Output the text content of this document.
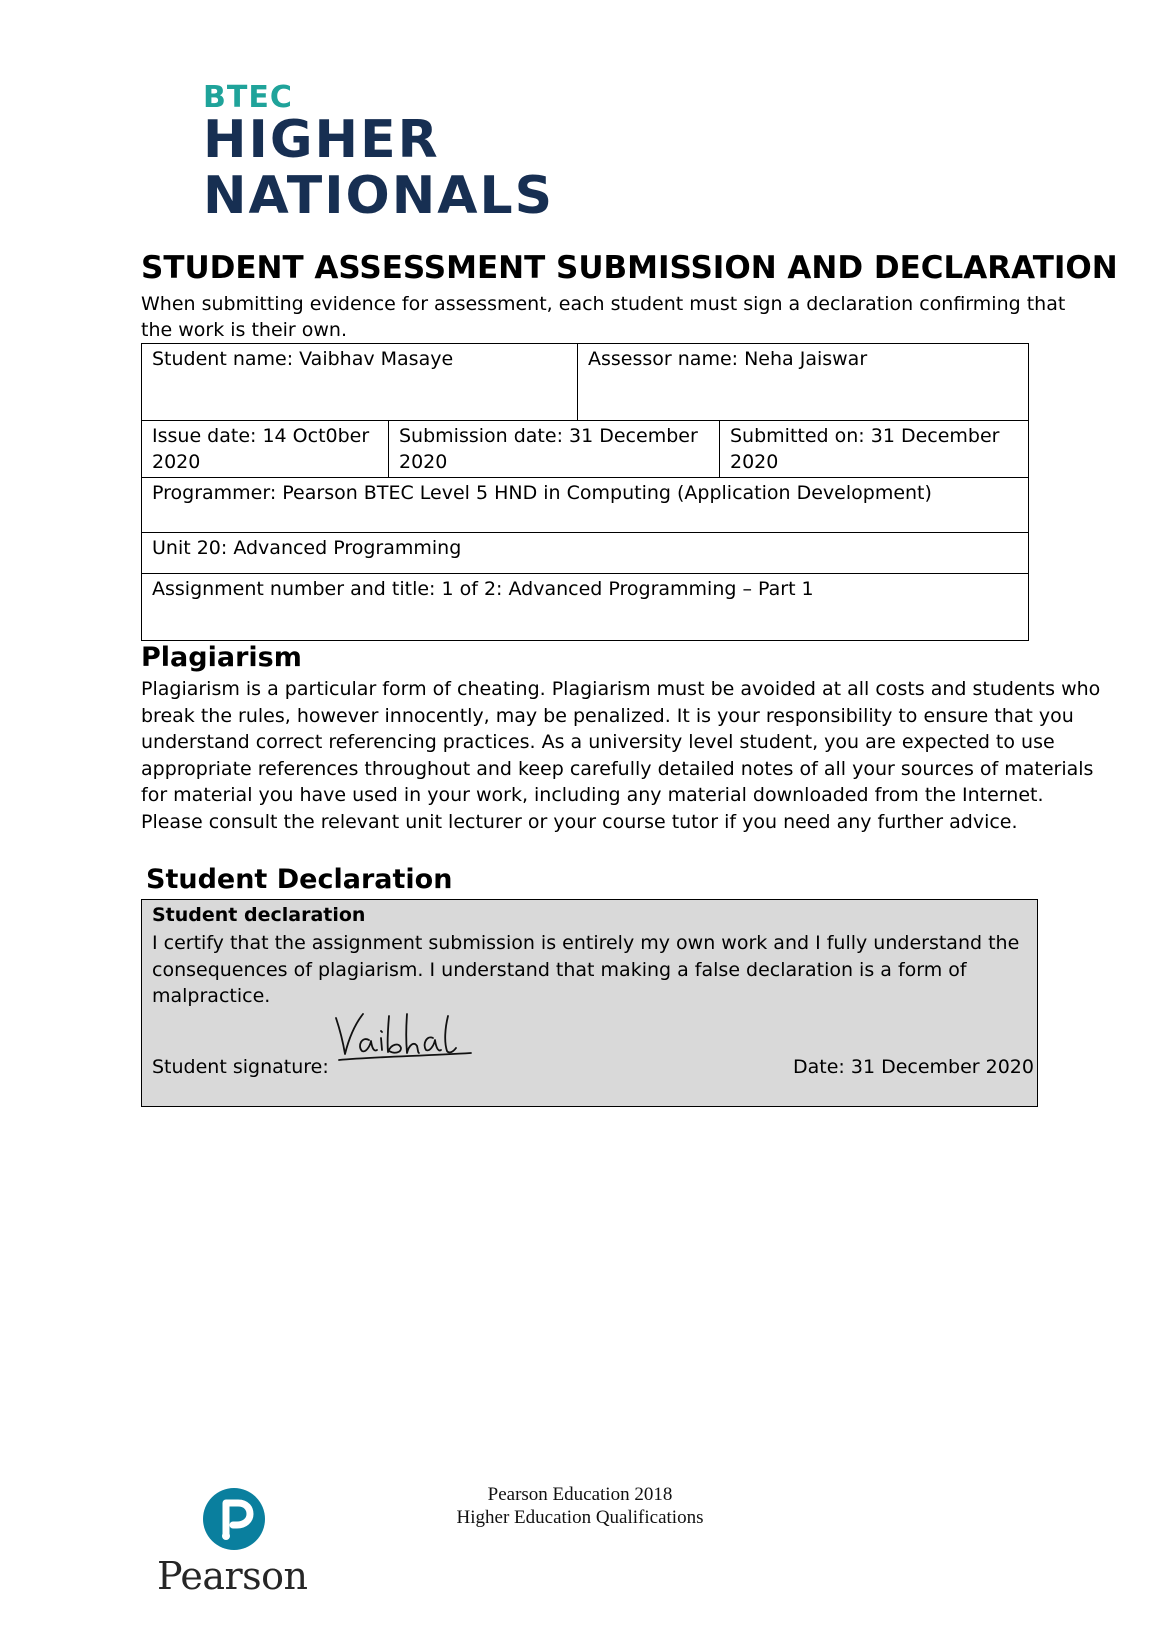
BTEC
HIGHER
NATIONALS
STUDENT ASSESSMENT SUBMISSION AND DECLARATION
When submitting evidence for assessment, each student must sign a declaration confirming that the work is their own.
Student name: Vaibhav Masaye		Assessor name: Neha Jaiswar	
Issue date: 14 Oct0ber 2020	Submission date: 31 December 2020		Submitted on: 31 December 2020
Programmer: Pearson BTEC Level 5 HND in Computing (Application Development)			
Unit 20: Advanced Programming			
Assignment number and title: 1 of 2: Advanced Programming – Part 1			
Plagiarism
Plagiarism is a particular form of cheating. Plagiarism must be avoided at all costs and students who break the rules, however innocently, may be penalized. It is your responsibility to ensure that you understand correct referencing practices. As a university level student, you are expected to use appropriate references throughout and keep carefully detailed notes of all your sources of materials for material you have used in your work, including any material downloaded from the Internet. Please consult the relevant unit lecturer or your course tutor if you need any further advice.
Student Declaration
Student declaration
I certify that the assignment submission is entirely my own work and I fully understand the consequences of plagiarism. I understand that making a false declaration is a form of malpractice.
Student signature:	Date: 31 December 2020
Pearson
Pearson Education 2018
Higher Education Qualifications
